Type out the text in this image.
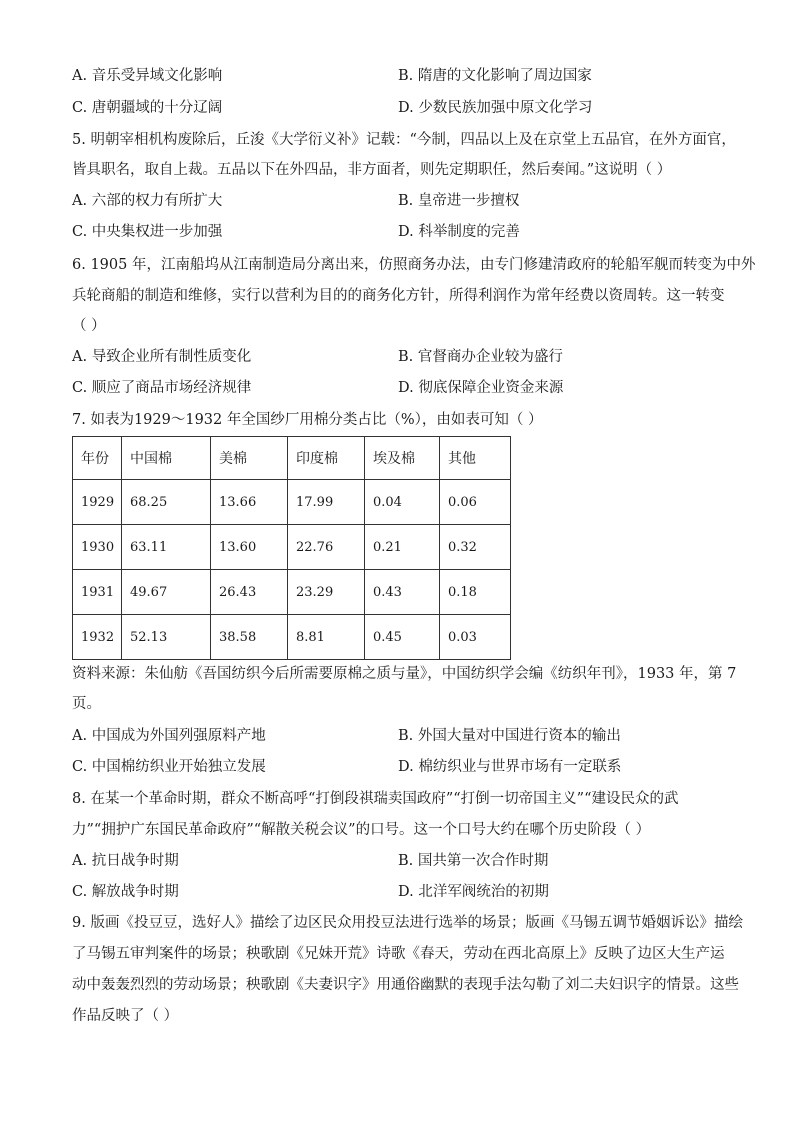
A. 音乐受异域文化影响	B. 隋唐的文化影响了周边国家
C. 唐朝疆域的十分辽阔	D. 少数民族加强中原文化学习
5. 明朝宰相机构废除后，丘浚《大学衍义补》记载：“今制，四品以上及在京堂上五品官，在外方面官，
皆具职名，取自上裁。五品以下在外四品，非方面者，则先定期职任，然后奏闻。”这说明（ ）
A. 六部的权力有所扩大	B. 皇帝进一步擅权
C. 中央集权进一步加强	D. 科举制度的完善
6. 1905 年，江南船坞从江南制造局分离出来，仿照商务办法，由专门修建清政府的轮船军舰而转变为中外
兵轮商船的制造和维修，实行以营利为目的的商务化方针，所得利润作为常年经费以资周转。这一转变
（ ）
A. 导致企业所有制性质变化	B. 官督商办企业较为盛行
C. 顺应了商品市场经济规律	D. 彻底保障企业资金来源
7. 如表为1929～1932 年全国纱厂用棉分类占比（%），由如表可知（ ）
年份	中国棉	美棉	印度棉	埃及棉	其他
1929	68.25	13.66	17.99	0.04	0.06
1930	63.11	13.60	22.76	0.21	0.32
1931	49.67	26.43	23.29	0.43	0.18
1932	52.13	38.58	8.81	0.45	0.03
资料来源：朱仙舫《吾国纺织今后所需要原棉之质与量》，中国纺织学会编《纺织年刊》，1933 年，第 7
页。
A. 中国成为外国列强原料产地	B. 外国大量对中国进行资本的输出
C. 中国棉纺织业开始独立发展	D. 棉纺织业与世界市场有一定联系
8. 在某一个革命时期，群众不断高呼“打倒段祺瑞卖国政府”“打倒一切帝国主义”“建设民众的武
力”“拥护广东国民革命政府”“解散关税会议”的口号。这一个口号大约在哪个历史阶段（ ）
A. 抗日战争时期	B. 国共第一次合作时期
C. 解放战争时期	D. 北洋军阀统治的初期
9. 版画《投豆豆，选好人》描绘了边区民众用投豆法进行选举的场景；版画《马锡五调节婚姻诉讼》描绘
了马锡五审判案件的场景；秧歌剧《兄妹开荒》诗歌《春天，劳动在西北高原上》反映了边区大生产运
动中轰轰烈烈的劳动场景；秧歌剧《夫妻识字》用通俗幽默的表现手法勾勒了刘二夫妇识字的情景。这些
作品反映了（ ）
